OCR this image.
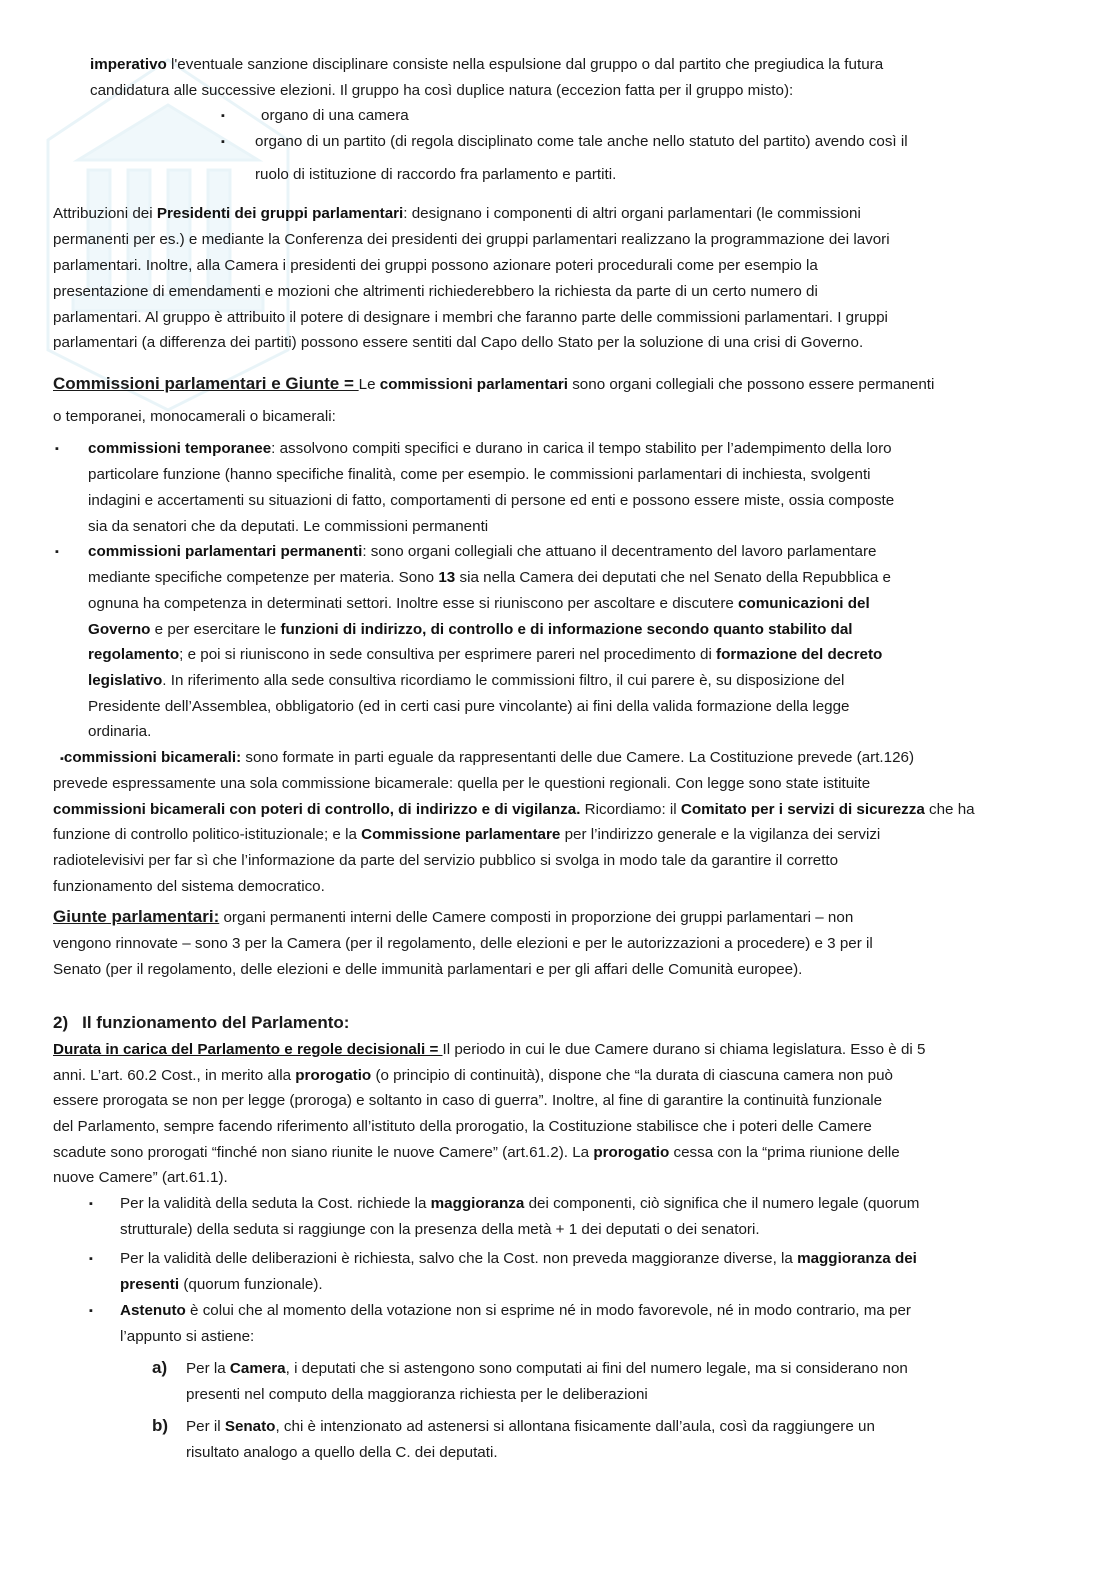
imperativo l'eventuale sanzione disciplinare consiste nella espulsione dal gruppo o dal partito che pregiudica la futura
candidatura alle successive elezioni. Il gruppo ha così duplice natura (eccezion fatta per il gruppo misto):
▪ organo di una camera
▪ organo di un partito (di regola disciplinato come tale anche nello statuto del partito) avendo così il
ruolo di istituzione di raccordo fra parlamento e partiti.
Attribuzioni dei Presidenti dei gruppi parlamentari: designano i componenti di altri organi parlamentari (le commissioni
permanenti per es.) e mediante la Conferenza dei presidenti dei gruppi parlamentari realizzano la programmazione dei lavori
parlamentari. Inoltre, alla Camera i presidenti dei gruppi possono azionare poteri procedurali come per esempio la
presentazione di emendamenti e mozioni che altrimenti richiederebbero la richiesta da parte di un certo numero di
parlamentari. Al gruppo è attribuito il potere di designare i membri che faranno parte delle commissioni parlamentari. I gruppi
parlamentari (a differenza dei partiti) possono essere sentiti dal Capo dello Stato per la soluzione di una crisi di Governo.
Commissioni parlamentari e Giunte = Le commissioni parlamentari sono organi collegiali che possono essere permanenti
o temporanei, monocamerali o bicamerali:
▪ commissioni temporanee: assolvono compiti specifici e durano in carica il tempo stabilito per l’adempimento della loro
particolare funzione (hanno specifiche finalità, come per esempio. le commissioni parlamentari di inchiesta, svolgenti
indagini e accertamenti su situazioni di fatto, comportamenti di persone ed enti e possono essere miste, ossia composte
sia da senatori che da deputati. Le commissioni permanenti
▪ commissioni parlamentari permanenti: sono organi collegiali che attuano il decentramento del lavoro parlamentare
mediante specifiche competenze per materia. Sono 13 sia nella Camera dei deputati che nel Senato della Repubblica e
ognuna ha competenza in determinati settori. Inoltre esse si riuniscono per ascoltare e discutere comunicazioni del
Governo e per esercitare le funzioni di indirizzo, di controllo e di informazione secondo quanto stabilito dal
regolamento; e poi si riuniscono in sede consultiva per esprimere pareri nel procedimento di formazione del decreto
legislativo. In riferimento alla sede consultiva ricordiamo le commissioni filtro, il cui parere è, su disposizione del
Presidente dell’Assemblea, obbligatorio (ed in certi casi pure vincolante) ai fini della valida formazione della legge
ordinaria.
▪commissioni bicamerali: sono formate in parti eguale da rappresentanti delle due Camere. La Costituzione prevede (art.126)
prevede espressamente una sola commissione bicamerale: quella per le questioni regionali. Con legge sono state istituite
commissioni bicamerali con poteri di controllo, di indirizzo e di vigilanza. Ricordiamo: il Comitato per i servizi di sicurezza che ha
funzione di controllo politico-istituzionale; e la Commissione parlamentare per l’indirizzo generale e la vigilanza dei servizi
radiotelevisivi per far sì che l’informazione da parte del servizio pubblico si svolga in modo tale da garantire il corretto
funzionamento del sistema democratico.
Giunte parlamentari: organi permanenti interni delle Camere composti in proporzione dei gruppi parlamentari – non
vengono rinnovate – sono 3 per la Camera (per il regolamento, delle elezioni e per le autorizzazioni a procedere) e 3 per il
Senato (per il regolamento, delle elezioni e delle immunità parlamentari e per gli affari delle Comunità europee).
2) Il funzionamento del Parlamento:
Durata in carica del Parlamento e regole decisionali = Il periodo in cui le due Camere durano si chiama legislatura. Esso è di 5
anni. L’art. 60.2 Cost., in merito alla prorogatio (o principio di continuità), dispone che “la durata di ciascuna camera non può
essere prorogata se non per legge (proroga) e soltanto in caso di guerra”. Inoltre, al fine di garantire la continuità funzionale
del Parlamento, sempre facendo riferimento all’istituto della prorogatio, la Costituzione stabilisce che i poteri delle Camere
scadute sono prorogati “finché non siano riunite le nuove Camere” (art.61.2). La prorogatio cessa con la “prima riunione delle
nuove Camere” (art.61.1).
▪ Per la validità della seduta la Cost. richiede la maggioranza dei componenti, ciò significa che il numero legale (quorum
strutturale) della seduta si raggiunge con la presenza della metà + 1 dei deputati o dei senatori.
▪ Per la validità delle deliberazioni è richiesta, salvo che la Cost. non preveda maggioranze diverse, la maggioranza dei
presenti (quorum funzionale).
▪ Astenuto è colui che al momento della votazione non si esprime né in modo favorevole, né in modo contrario, ma per
l’appunto si astiene:
a) Per la Camera, i deputati che si astengono sono computati ai fini del numero legale, ma si considerano non
presenti nel computo della maggioranza richiesta per le deliberazioni
b) Per il Senato, chi è intenzionato ad astenersi si allontana fisicamente dall’aula, così da raggiungere un
risultato analogo a quello della C. dei deputati.
